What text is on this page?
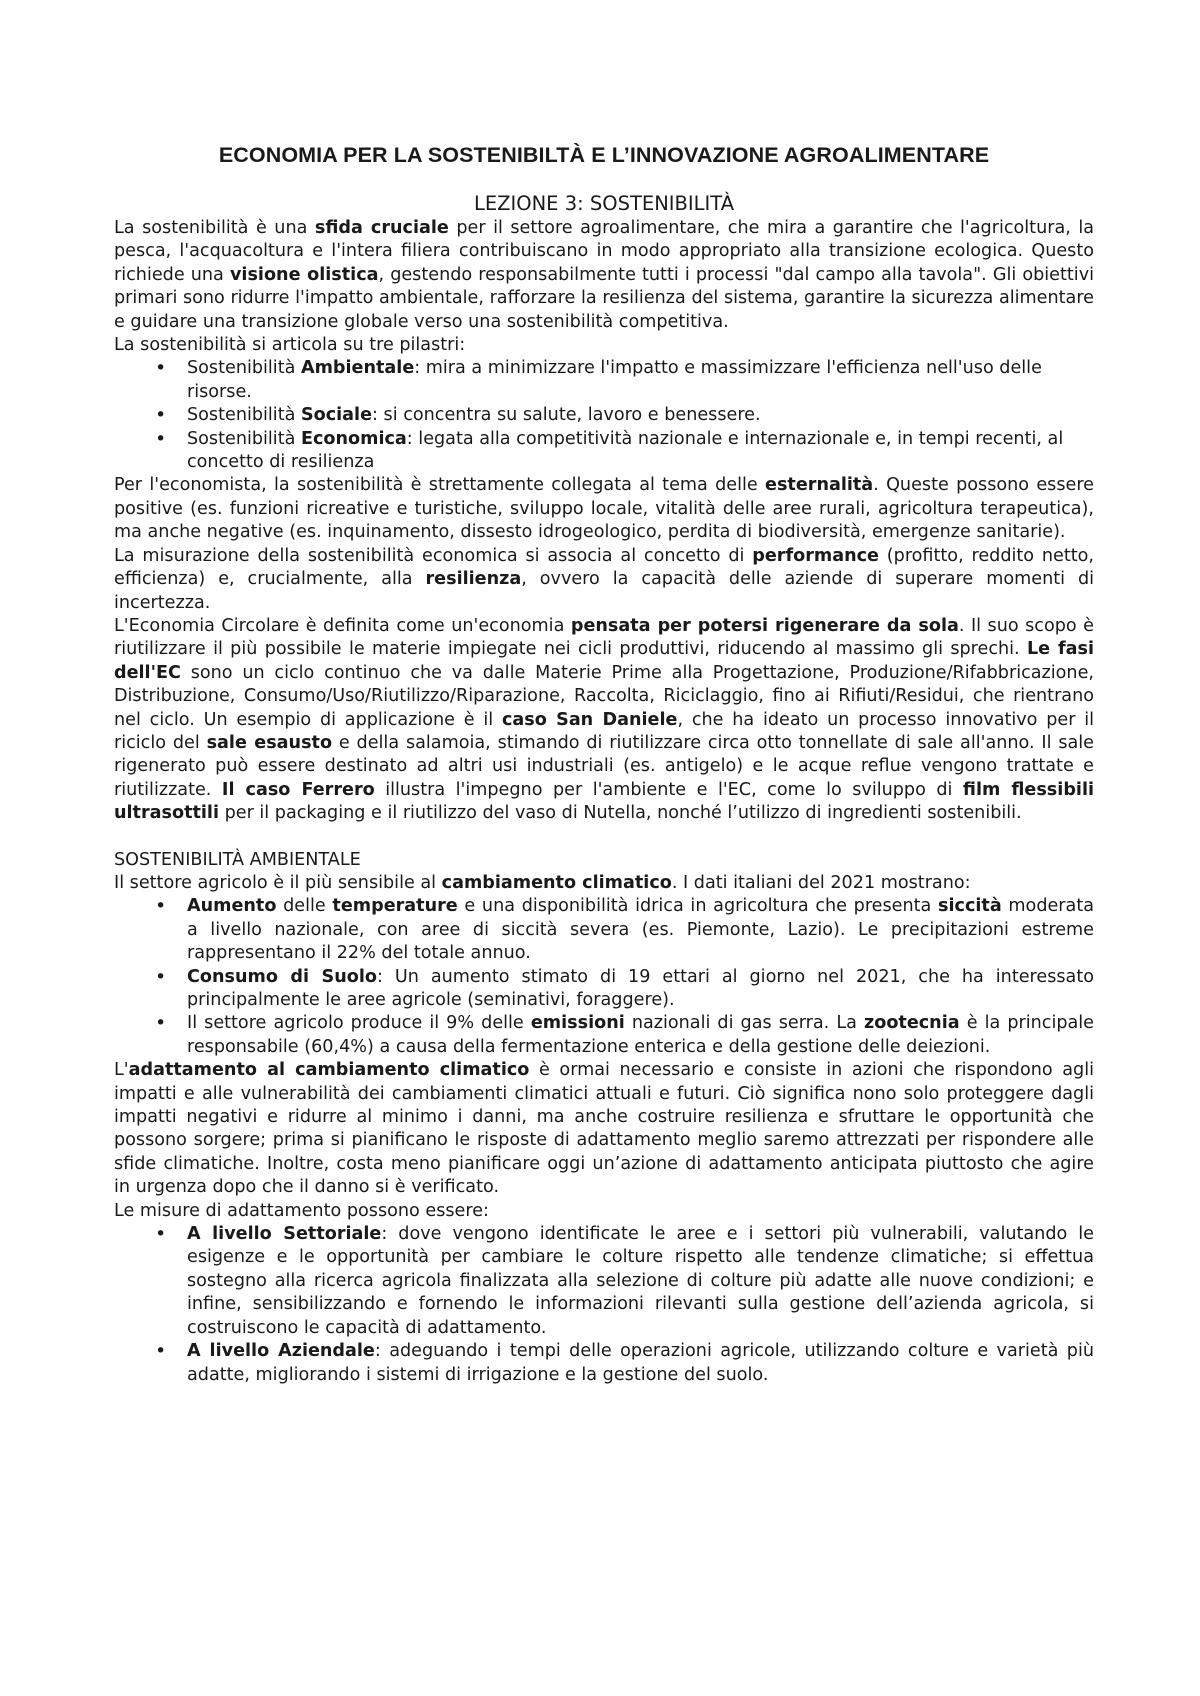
ECONOMIA PER LA SOSTENIBILTÀ E L’INNOVAZIONE AGROALIMENTARE
LEZIONE 3: SOSTENIBILITÀ

La sostenibilità è una sfida cruciale per il settore agroalimentare, che mira a garantire che l'agricoltura, la pesca, l'acquacoltura e l'intera filiera contribuiscano in modo appropriato alla transizione ecologica. Questo richiede una visione olistica, gestendo responsabilmente tutti i processi "dal campo alla tavola". Gli obiettivi primari sono ridurre l'impatto ambientale, rafforzare la resilienza del sistema, garantire la sicurezza alimentare e guidare una transizione globale verso una sostenibilità competitiva.

La sostenibilità si articola su tre pilastri:

• Sostenibilità Ambientale: mira a minimizzare l'impatto e massimizzare l'efficienza nell'uso delle risorse.
• Sostenibilità Sociale: si concentra su salute, lavoro e benessere.
• Sostenibilità Economica: legata alla competitività nazionale e internazionale e, in tempi recenti, al concetto di resilienza

Per l'economista, la sostenibilità è strettamente collegata al tema delle esternalità. Queste possono essere positive (es. funzioni ricreative e turistiche, sviluppo locale, vitalità delle aree rurali, agricoltura terapeutica), ma anche negative (es. inquinamento, dissesto idrogeologico, perdita di biodiversità, emergenze sanitarie).

La misurazione della sostenibilità economica si associa al concetto di performance (profitto, reddito netto, efficienza) e, crucialmente, alla resilienza, ovvero la capacità delle aziende di superare momenti di incertezza.

L'Economia Circolare è definita come un'economia pensata per potersi rigenerare da sola. Il suo scopo è riutilizzare il più possibile le materie impiegate nei cicli produttivi, riducendo al massimo gli sprechi. Le fasi dell'EC sono un ciclo continuo che va dalle Materie Prime alla Progettazione, Produzione/Rifabbricazione, Distribuzione, Consumo/Uso/Riutilizzo/Riparazione, Raccolta, Riciclaggio, fino ai Rifiuti/Residui, che rientrano nel ciclo. Un esempio di applicazione è il caso San Daniele, che ha ideato un processo innovativo per il riciclo del sale esausto e della salamoia, stimando di riutilizzare circa otto tonnellate di sale all'anno. Il sale rigenerato può essere destinato ad altri usi industriali (es. antigelo) e le acque reflue vengono trattate e riutilizzate. Il caso Ferrero illustra l'impegno per l'ambiente e l'EC, come lo sviluppo di film flessibili ultrasottili per il packaging e il riutilizzo del vaso di Nutella, nonché l’utilizzo di ingredienti sostenibili.

SOSTENIBILITÀ AMBIENTALE

Il settore agricolo è il più sensibile al cambiamento climatico. I dati italiani del 2021 mostrano:

• Aumento delle temperature e una disponibilità idrica in agricoltura che presenta siccità moderata a livello nazionale, con aree di siccità severa (es. Piemonte, Lazio). Le precipitazioni estreme rappresentano il 22% del totale annuo.
• Consumo di Suolo: Un aumento stimato di 19 ettari al giorno nel 2021, che ha interessato principalmente le aree agricole (seminativi, foraggere).
• Il settore agricolo produce il 9% delle emissioni nazionali di gas serra. La zootecnia è la principale responsabile (60,4%) a causa della fermentazione enterica e della gestione delle deiezioni.

L'adattamento al cambiamento climatico è ormai necessario e consiste in azioni che rispondono agli impatti e alle vulnerabilità dei cambiamenti climatici attuali e futuri. Ciò significa nono solo proteggere dagli impatti negativi e ridurre al minimo i danni, ma anche costruire resilienza e sfruttare le opportunità che possono sorgere; prima si pianificano le risposte di adattamento meglio saremo attrezzati per rispondere alle sfide climatiche. Inoltre, costa meno pianificare oggi un’azione di adattamento anticipata piuttosto che agire in urgenza dopo che il danno si è verificato.

Le misure di adattamento possono essere:

• A livello Settoriale: dove vengono identificate le aree e i settori più vulnerabili, valutando le esigenze e le opportunità per cambiare le colture rispetto alle tendenze climatiche; si effettua sostegno alla ricerca agricola finalizzata alla selezione di colture più adatte alle nuove condizioni; e infine, sensibilizzando e fornendo le informazioni rilevanti sulla gestione dell’azienda agricola, si costruiscono le capacità di adattamento.
• A livello Aziendale: adeguando i tempi delle operazioni agricole, utilizzando colture e varietà più adatte, migliorando i sistemi di irrigazione e la gestione del suolo.
